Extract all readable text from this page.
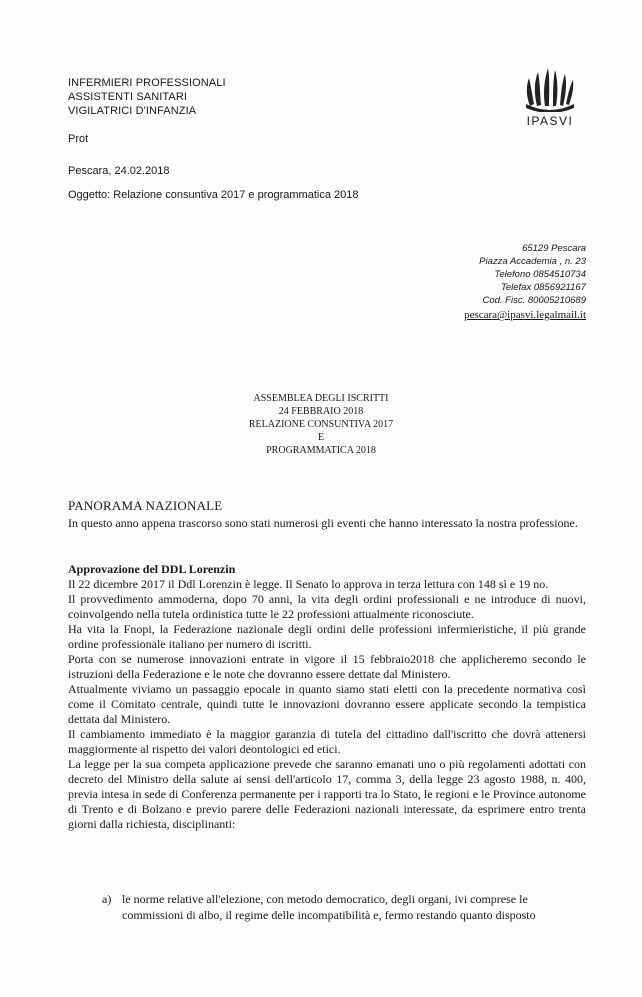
INFERMIERI PROFESSIONALI
ASSISTENTI SANITARI
VIGILATRICI D'INFANZIA
IPASVI
Prot
Pescara, 24.02.2018
Oggetto: Relazione consuntiva 2017 e programmatica 2018
65129 Pescara
Piazza Accademia , n. 23
Telefono 0854510734
Telefax 0856921167
Cod. Fisc. 80005210689
pescara@ipasvi.legalmail.it
ASSEMBLEA DEGLI ISCRITTI
24 FEBBRAIO 2018
RELAZIONE CONSUNTIVA 2017
E
PROGRAMMATICA 2018
PANORAMA NAZIONALE

In questo anno appena trascorso sono stati numerosi gli eventi che hanno interessato la nostra professione.

Approvazione del DDL Lorenzin

Il 22 dicembre 2017 il Ddl Lorenzin è legge. Il Senato lo approva in terza lettura con 148 sì e 19 no.

Il provvedimento ammoderna, dopo 70 anni, la vita degli ordini professionali e ne introduce di nuovi, coinvolgendo nella tutela ordinistica tutte le 22 professioni attualmente riconosciute.

Ha vita la Fnopi, la Federazione nazionale degli ordini delle professioni infermieristiche, il più grande ordine professionale italiano per numero di iscritti.

Porta con se numerose innovazioni entrate in vigore il 15 febbraio2018 che applicheremo secondo le istruzioni della Federazione e le note che dovranno essere dettate dal Ministero.

Attualmente viviamo un passaggio epocale in quanto siamo stati eletti con la precedente normativa così come il Comitato centrale, quindi tutte le innovazioni dovranno essere applicate secondo la tempistica dettata dal Ministero.

Il cambiamento immediato è la maggior garanzia di tutela del cittadino dall'iscritto che dovrà attenersi maggiormente al rispetto dei valori deontologici ed etici.

La legge per la sua competa applicazione prevede che saranno emanati uno o più regolamenti adottati con decreto del Ministro della salute ai sensi dell'articolo 17, comma 3, della legge 23 agosto 1988, n. 400, previa intesa in sede di Conferenza permanente per i rapporti tra lo Stato, le regioni e le Province autonome di Trento e di Bolzano e previo parere delle Federazioni nazionali interessate, da esprimere entro trenta giorni dalla richiesta, disciplinanti:

a) le norme relative all'elezione, con metodo democratico, degli organi, ivi comprese le commissioni di albo, il regime delle incompatibilità e, fermo restando quanto disposto
